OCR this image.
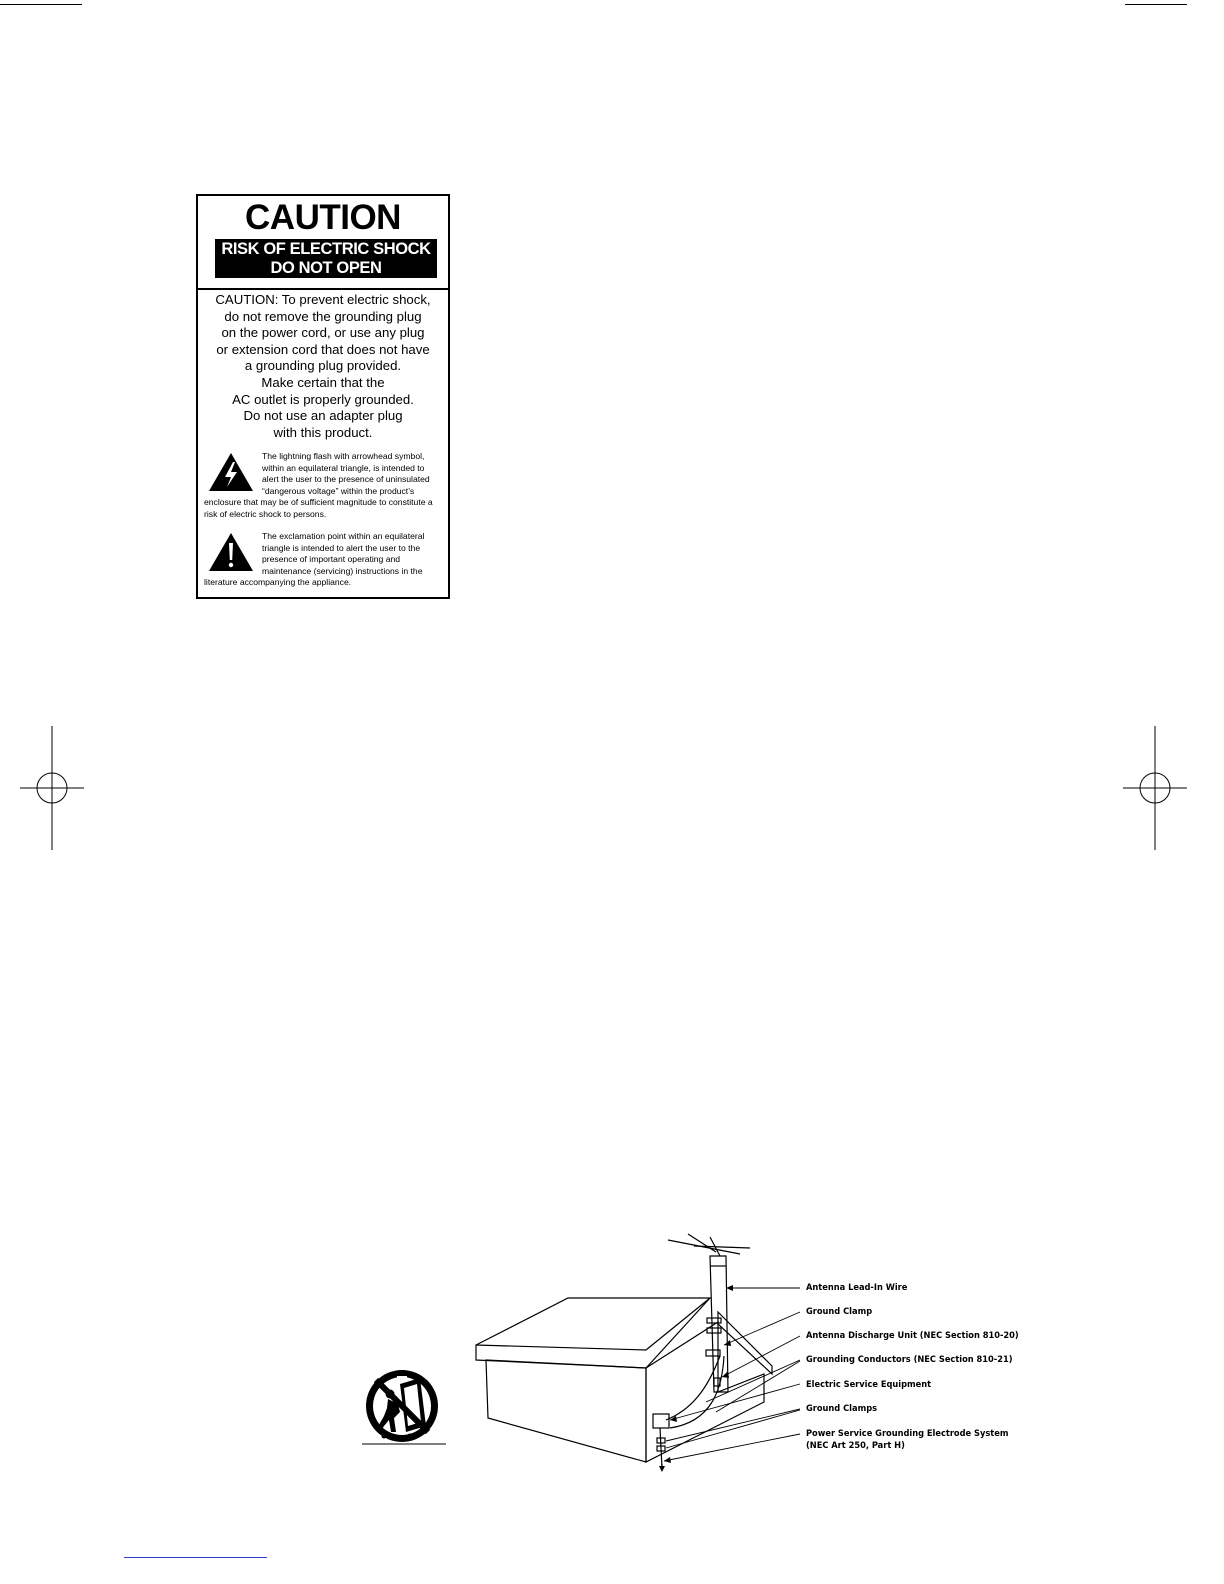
CAUTION
RISK OF ELECTRIC SHOCK
DO NOT OPEN
CAUTION: To prevent electric shock,
do not remove the grounding plug
on the power cord, or use any plug
or extension cord that does not have
a grounding plug provided.
Make certain that the
AC outlet is properly grounded.
Do not use an adapter plug
with this product.
The lightning flash with arrowhead symbol, within an equilateral triangle, is intended to alert the user to the presence of uninsulated “dangerous voltage” within the product’s enclosure that may be of sufficient magnitude to constitute a risk of electric shock to persons.
The exclamation point within an equilateral triangle is intended to alert the user to the presence of important operating and maintenance (servicing) instructions in the literature accompanying the appliance.
Antenna Lead-In Wire
Ground Clamp
Antenna Discharge Unit (NEC Section 810-20)
Grounding Conductors (NEC Section 810-21)
Electric Service Equipment
Ground Clamps
Power Service Grounding Electrode System
(NEC Art 250, Part H)
